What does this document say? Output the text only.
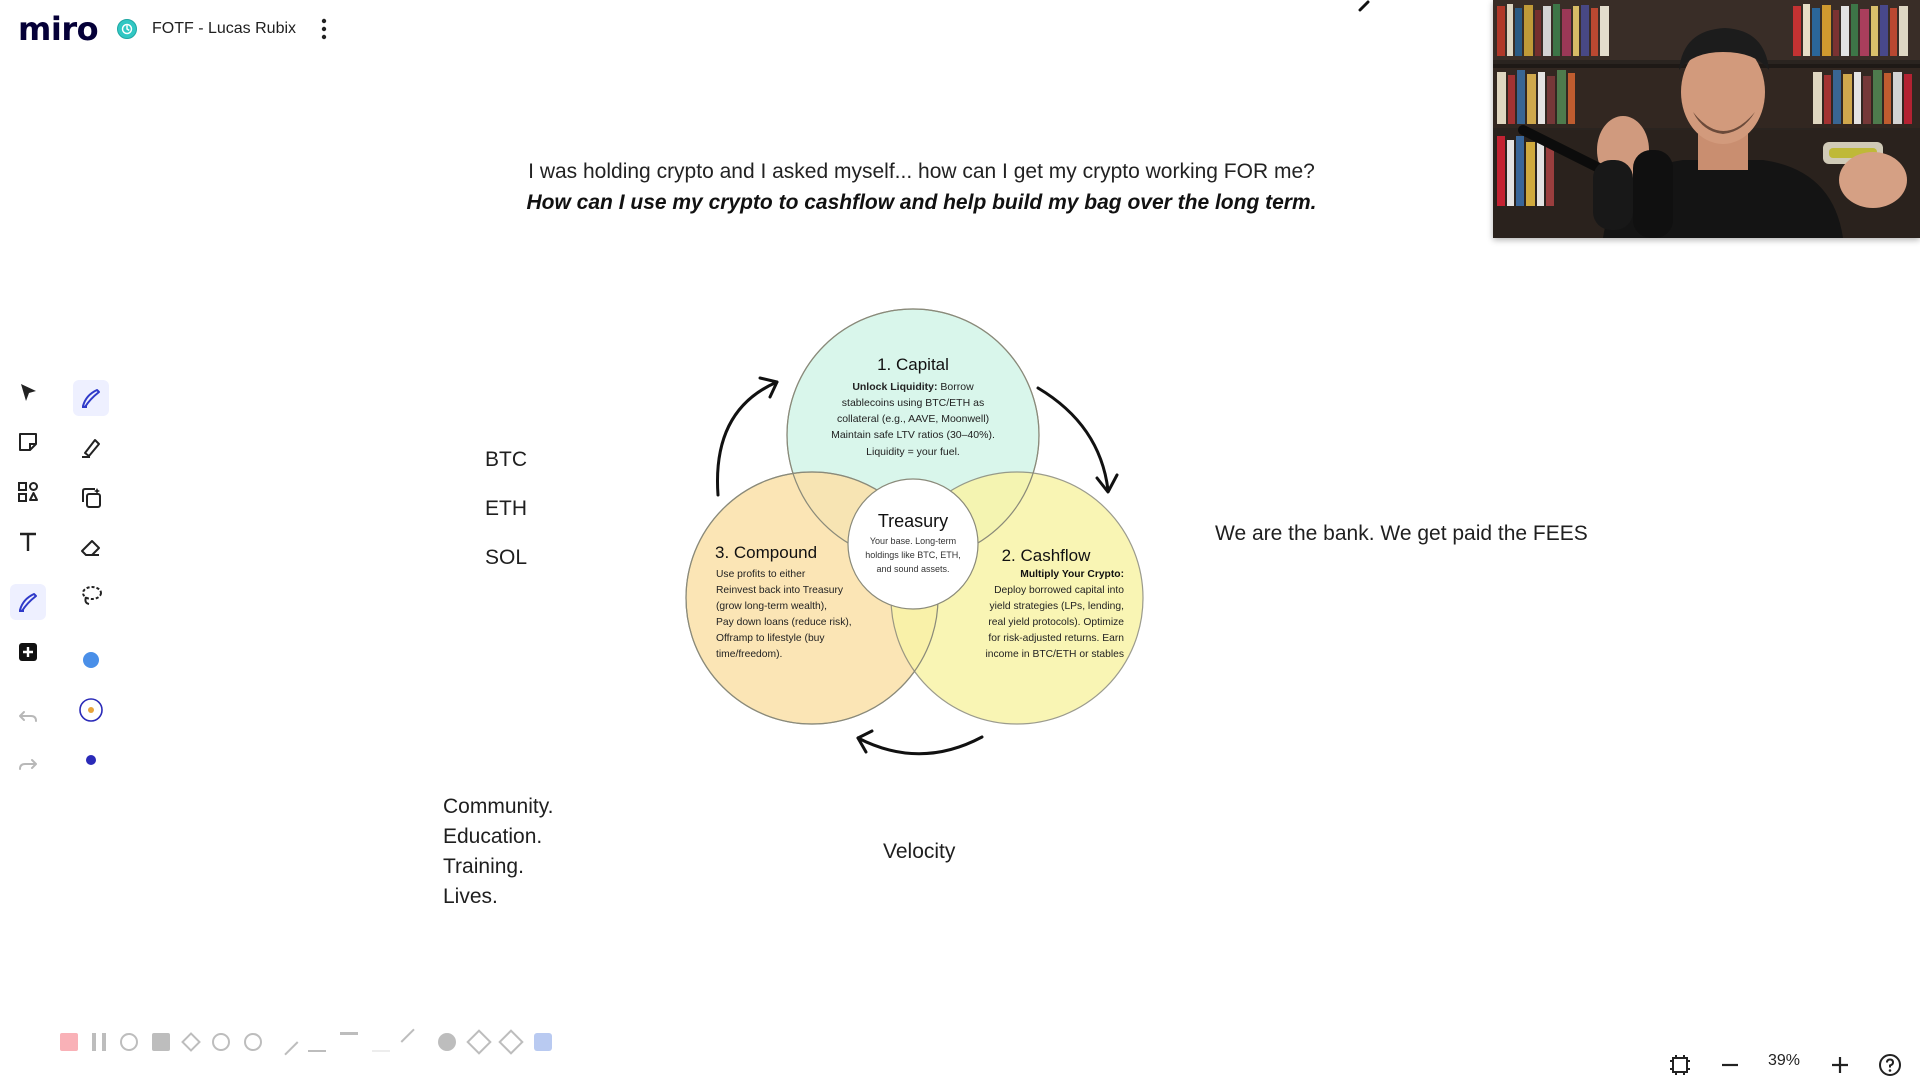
miro	FOTF - Lucas Rubix
I was holding crypto and I asked myself... how can I get my crypto working FOR me?
How can I use my crypto to cashflow and help build my bag over the long term.
BTC
ETH
SOL
We are the bank. We get paid the FEES
Community.
Education.
Training.
Lives.
Velocity
1. Capital
Unlock Liquidity: Borrow
stablecoins using BTC/ETH as
collateral (e.g., AAVE, Moonwell)
Maintain safe LTV ratios (30–40%).
Liquidity = your fuel.
Treasury
Your base. Long-term
holdings like BTC, ETH,
and sound assets.
3. Compound
Use profits to either
Reinvest back into Treasury
(grow long-term wealth),
Pay down loans (reduce risk),
Offramp to lifestyle (buy
time/freedom).
2. Cashflow
Multiply Your Crypto:
Deploy borrowed capital into
yield strategies (LPs, lending,
real yield protocols). Optimize
for risk-adjusted returns. Earn
income in BTC/ETH or stables
39%
